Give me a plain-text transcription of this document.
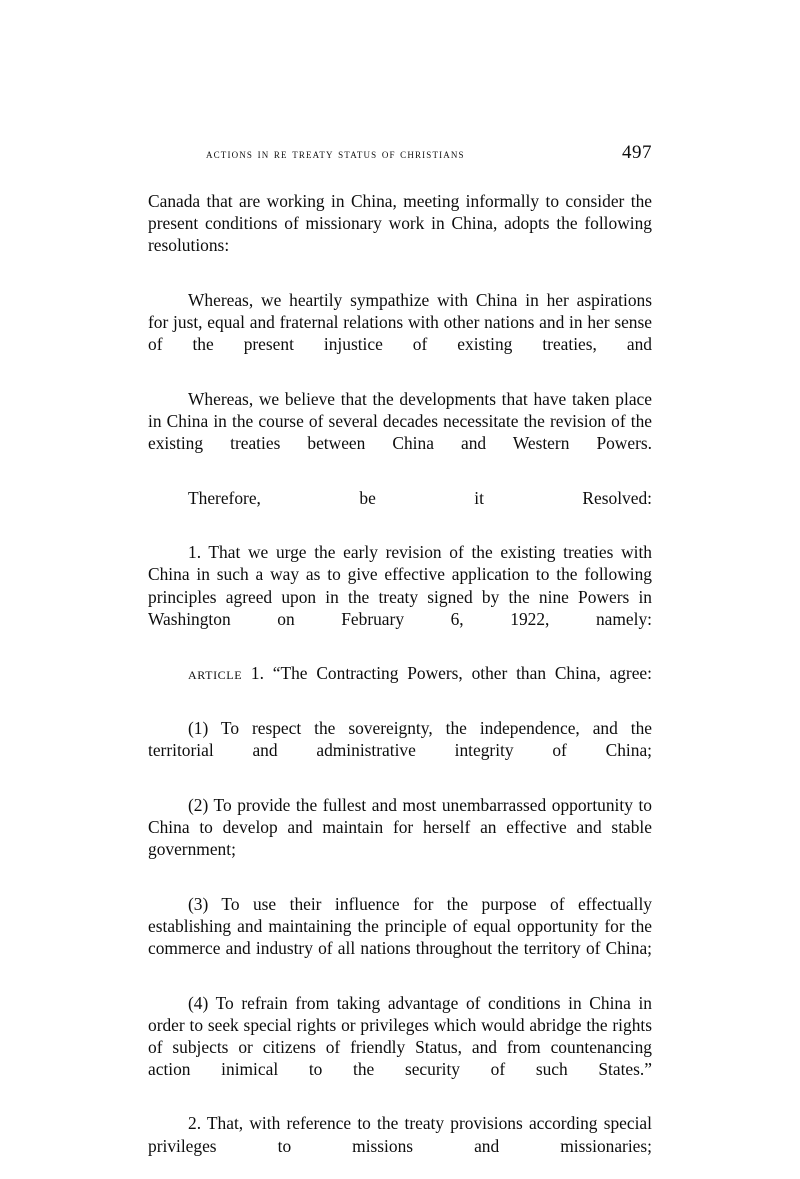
actions in re treaty status of christians	497

Canada that are working in China, meeting informally to consider the present conditions of missionary work in China, adopts the following resolutions:

Whereas, we heartily sympathize with China in her aspirations for just, equal and fraternal relations with other nations and in her sense of the present injustice of existing treaties, and

Whereas, we believe that the developments that have taken place in China in the course of several decades necessitate the revision of the existing treaties between China and Western Powers.

Therefore, be it Resolved:

1. That we urge the early revision of the existing treaties with China in such a way as to give effective application to the following principles agreed upon in the treaty signed by the nine Powers in Washington on February 6, 1922, namely:

article 1. “The Contracting Powers, other than China, agree:

(1) To respect the sovereignty, the independence, and the territorial and administrative integrity of China;

(2) To provide the fullest and most unembarrassed opportunity to China to develop and maintain for herself an effective and stable government;

(3) To use their influence for the purpose of effectually establishing and maintaining the principle of equal opportunity for the commerce and industry of all nations throughout the territory of China;

(4) To refrain from taking advantage of conditions in China in order to seek special rights or privileges which would abridge the rights of subjects or citizens of friendly Status, and from countenancing action inimical to the security of such States.”

2. That, with reference to the treaty provisions according special privileges to missions and missionaries;
